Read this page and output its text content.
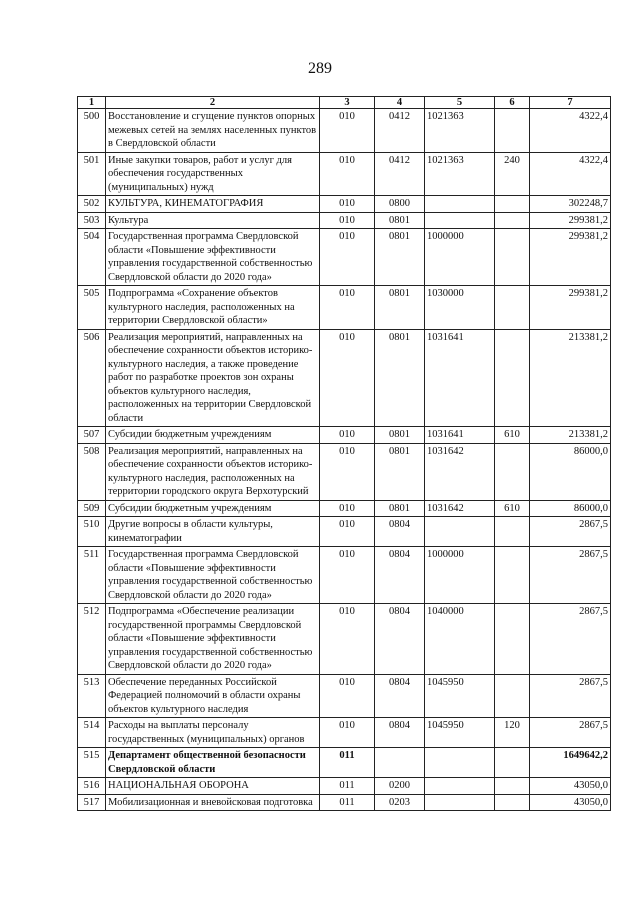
289
1	2	3	4	5	6	7
500	Восстановление и сгущение пунктов опорных межевых сетей на землях населенных пунктов в Свердловской области	010	0412	1021363		4322,4
501	Иные закупки товаров, работ и услуг для обеспечения государственных (муниципальных) нужд	010	0412	1021363	240	4322,4
502	КУЛЬТУРА, КИНЕМАТОГРАФИЯ	010	0800			302248,7
503	Культура	010	0801			299381,2
504	Государственная программа Свердловской области «Повышение эффективности управления государственной собственностью Свердловской области до 2020 года»	010	0801	1000000		299381,2
505	Подпрограмма «Сохранение объектов культурного наследия, расположенных на территории Свердловской области»	010	0801	1030000		299381,2
506	Реализация мероприятий, направленных на обеспечение сохранности объектов историко-культурного наследия, а также проведение работ по разработке проектов зон охраны объектов культурного наследия, расположенных на территории Свердловской области	010	0801	1031641		213381,2
507	Субсидии бюджетным учреждениям	010	0801	1031641	610	213381,2
508	Реализация мероприятий, направленных на обеспечение сохранности объектов историко-культурного наследия, расположенных на территории городского округа Верхотурский	010	0801	1031642		86000,0
509	Субсидии бюджетным учреждениям	010	0801	1031642	610	86000,0
510	Другие вопросы в области культуры, кинематографии	010	0804			2867,5
511	Государственная программа Свердловской области «Повышение эффективности управления государственной собственностью Свердловской области до 2020 года»	010	0804	1000000		2867,5
512	Подпрограмма «Обеспечение реализации государственной программы Свердловской области «Повышение эффективности управления государственной собственностью Свердловской области до 2020 года»	010	0804	1040000		2867,5
513	Обеспечение переданных Российской Федерацией полномочий в области охраны объектов культурного наследия	010	0804	1045950		2867,5
514	Расходы на выплаты персоналу государственных (муниципальных) органов	010	0804	1045950	120	2867,5
515	Департамент общественной безопасности Свердловской области	011				1649642,2
516	НАЦИОНАЛЬНАЯ ОБОРОНА	011	0200			43050,0
517	Мобилизационная и вневойсковая подготовка	011	0203			43050,0
